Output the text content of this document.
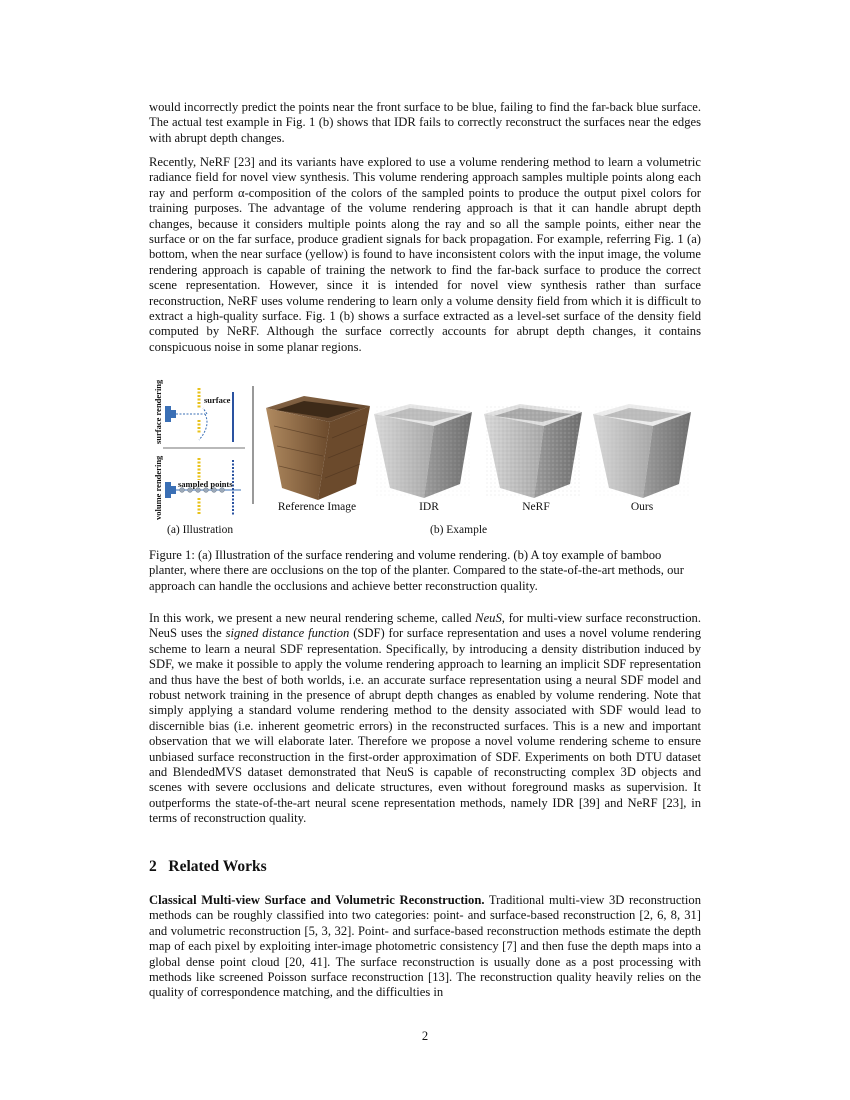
would incorrectly predict the points near the front surface to be blue, failing to find the far-back blue surface. The actual test example in Fig. 1 (b) shows that IDR fails to correctly reconstruct the surfaces near the edges with abrupt depth changes.

Recently, NeRF [23] and its variants have explored to use a volume rendering method to learn a volumetric radiance field for novel view synthesis. This volume rendering approach samples multiple points along each ray and perform α-composition of the colors of the sampled points to produce the output pixel colors for training purposes. The advantage of the volume rendering approach is that it can handle abrupt depth changes, because it considers multiple points along the ray and so all the sample points, either near the surface or on the far surface, produce gradient signals for back propagation. For example, referring Fig. 1 (a) bottom, when the near surface (yellow) is found to have inconsistent colors with the input image, the volume rendering approach is capable of training the network to find the far-back surface to produce the correct scene representation. However, since it is intended for novel view synthesis rather than surface reconstruction, NeRF uses volume rendering to learn only a volume density field from which it is difficult to extract a high-quality surface. Fig. 1 (b) shows a surface extracted as a level-set surface of the density field computed by NeRF. Although the surface correctly accounts for abrupt depth changes, it contains conspicuous noise in some planar regions.

surface rendering
volume rendering
surface
sampled points
Reference Image	IDR	NeRF	Ours
(a) Illustration	(b) Example

Figure 1: (a) Illustration of the surface rendering and volume rendering. (b) A toy example of bamboo planter, where there are occlusions on the top of the planter. Compared to the state-of-the-art methods, our approach can handle the occlusions and achieve better reconstruction quality.

In this work, we present a new neural rendering scheme, called NeuS, for multi-view surface reconstruction. NeuS uses the signed distance function (SDF) for surface representation and uses a novel volume rendering scheme to learn a neural SDF representation. Specifically, by introducing a density distribution induced by SDF, we make it possible to apply the volume rendering approach to learning an implicit SDF representation and thus have the best of both worlds, i.e. an accurate surface representation using a neural SDF model and robust network training in the presence of abrupt depth changes as enabled by volume rendering. Note that simply applying a standard volume rendering method to the density associated with SDF would lead to discernible bias (i.e. inherent geometric errors) in the reconstructed surfaces. This is a new and important observation that we will elaborate later. Therefore we propose a novel volume rendering scheme to ensure unbiased surface reconstruction in the first-order approximation of SDF. Experiments on both DTU dataset and BlendedMVS dataset demonstrated that NeuS is capable of reconstructing complex 3D objects and scenes with severe occlusions and delicate structures, even without foreground masks as supervision. It outperforms the state-of-the-art neural scene representation methods, namely IDR [39] and NeRF [23], in terms of reconstruction quality.

2   Related Works

Classical Multi-view Surface and Volumetric Reconstruction. Traditional multi-view 3D reconstruction methods can be roughly classified into two categories: point- and surface-based reconstruction [2, 6, 8, 31] and volumetric reconstruction [5, 3, 32]. Point- and surface-based reconstruction methods estimate the depth map of each pixel by exploiting inter-image photometric consistency [7] and then fuse the depth maps into a global dense point cloud [20, 41]. The surface reconstruction is usually done as a post processing with methods like screened Poisson surface reconstruction [13]. The reconstruction quality heavily relies on the quality of correspondence matching, and the difficulties in

2
